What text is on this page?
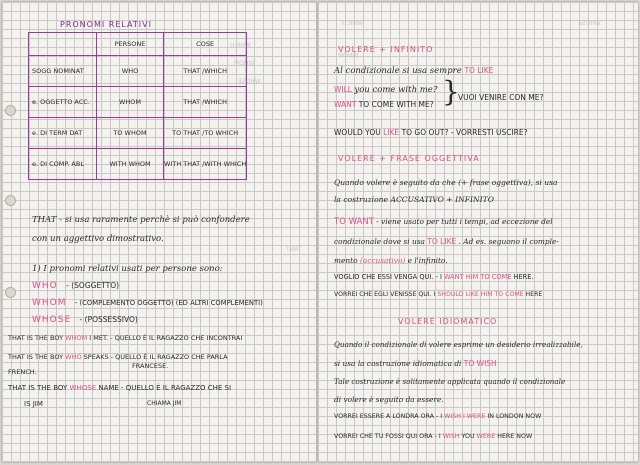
WHICH
WHOM
WHOSE
TANT
PRONOMI RELATIVI
	PERSONE	COSE
SOGG NOMINAT	WHO	THAT /WHICH
e. OGGETTO ACC.	WHOM	THAT /WHICH
e. DI TERM DAT	TO WHOM	TO THAT /TO WHICH
e. DI COMP. ABL	WITH WHOM	WITH THAT /WITH WHICH
THAT - si usa raramente perchè si può confondere
con un aggettivo dimostrativo.
1) I pronomi relativi usati per persone sono:
WHO - (SOGGETTO)
WHOM - (COMPLEMENTO OGGETTO) (ED ALTRI COMPLEMENTI)
WHOSE - (POSSESSIVO)
THAT IS THE BOY WHOM I MET. - QUELLO È IL RAGAZZO CHE INCONTRAI
THAT IS THE BOY WHO SPEAKS - QUELLO È IL RAGAZZO CHE PARLA
FRENCH.
FRANCESE.
THAT IS THE BOY WHOSE NAME - QUELLO È IL RAGAZZO CHE SI
IS JIM	CHIAMA JIM
WHICH
WHOM
WHOSE
VOLERE + INFINITO
Al condizionale si usa sempre TO LIKE
WILL you come with me?
WANT TO COME WITH ME? }
VUOI VENIRE CON ME?
WOULD YOU LIKE TO GO OUT? - VORRESTI USCIRE?
VOLERE + FRASE OGGETTIVA
Quando volere è seguito da che (+ frase oggettiva), si usa
la costruzione ACCUSATIVO + INFINITO
TO WANT - viene usato per tutti i tempi, ad eccezione del
condizionale dove si usa TO LIKE . Ad es. seguono il comple-
mento (accusativo) e l'infinito.
VOGLIO CHE ESSI VENGA QUI. - I WANT HIM TO COME HERE.
VORREI CHE EGLI VENISSE QUI. I SHOULD LIKE HIM TO COME HERE
VOLERE IDIOMATICO
Quando il condizionale di volere esprime un desiderio irrealizzabile,
si usa la costruzione idiomatica di TO WISH
Tale costruzione è solitamente applicata quando il condizionale
di volere è seguito da essere.
VORREI ESSERE A LONDRA ORA - I WISH I WERE IN LONDON NOW
VORREI CHE TU FOSSI QUI ORA - I WISH YOU WERE HERE NOW
